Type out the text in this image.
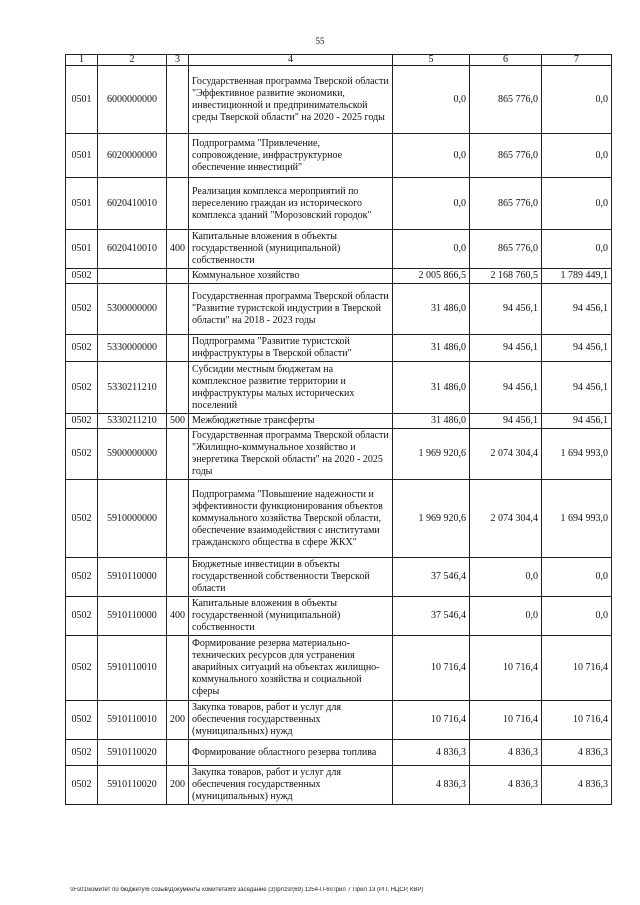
55
1	2	3	4	5	6	7
0501	6000000000		Государственная программа Тверской области "Эффективное развитие экономики, инвестиционной и предпринимательской среды Тверской области" на 2020 - 2025 годы	0,0	865 776,0	0,0
0501	6020000000		Подпрограмма "Привлечение, сопровождение, инфраструктурное обеспечение инвестиций"	0,0	865 776,0	0,0
0501	6020410010		Реализация комплекса мероприятий по переселению граждан из исторического комплекса зданий "Морозовский городок"	0,0	865 776,0	0,0
0501	6020410010	400	Капитальные вложения в объекты государственной (муниципальной) собственности	0,0	865 776,0	0,0
0502			Коммунальное хозяйство	2 005 866,5	2 168 760,5	1 789 449,1
0502	5300000000		Государственная программа Тверской области "Развитие туристской индустрии в Тверской области" на 2018 - 2023 годы	31 486,0	94 456,1	94 456,1
0502	5330000000		Подпрограмма "Развитие туристской инфраструктуры в Тверской области"	31 486,0	94 456,1	94 456,1
0502	5330211210		Субсидии местным бюджетам на комплексное развитие территории и инфраструктуры малых исторических поселений	31 486,0	94 456,1	94 456,1
0502	5330211210	500	Межбюджетные трансферты	31 486,0	94 456,1	94 456,1
0502	5900000000		Государственная программа Тверской области "Жилищно-коммунальное хозяйство и энергетика Тверской области" на 2020 - 2025 годы	1 969 920,6	2 074 304,4	1 694 993,0
0502	5910000000		Подпрограмма "Повышение надежности и эффективности функционирования объектов коммунального хозяйства Тверской области, обеспечение взаимодействия с институтами гражданского общества в сфере ЖКХ"	1 969 920,6	2 074 304,4	1 694 993,0
0502	5910110000		Бюджетные инвестиции в объекты государственной собственности Тверской области	37 546,4	0,0	0,0
0502	5910110000	400	Капитальные вложения в объекты государственной (муниципальной) собственности	37 546,4	0,0	0,0
0502	5910110010		Формирование резерва материально-технических ресурсов для устранения аварийных ситуаций на объектах жилищно-коммунального хозяйства и социальной сферы	10 716,4	10 716,4	10 716,4
0502	5910110010	200	Закупка товаров, работ и услуг для обеспечения государственных (муниципальных) нужд	10 716,4	10 716,4	10 716,4
0502	5910110020		Формирование областного резерва топлива	4 836,3	4 836,3	4 836,3
0502	5910110020	200	Закупка товаров, работ и услуг для обеспечения государственных (муниципальных) нужд	4 836,3	4 836,3	4 836,3
\\Fs01\комитет по бюджету\6 созыв\Документы комитета\69 заседание (3)\pr\zsr(69) 1254-П-6\Прил 7 Прил 13 (РП, НЦСР, КВР)
